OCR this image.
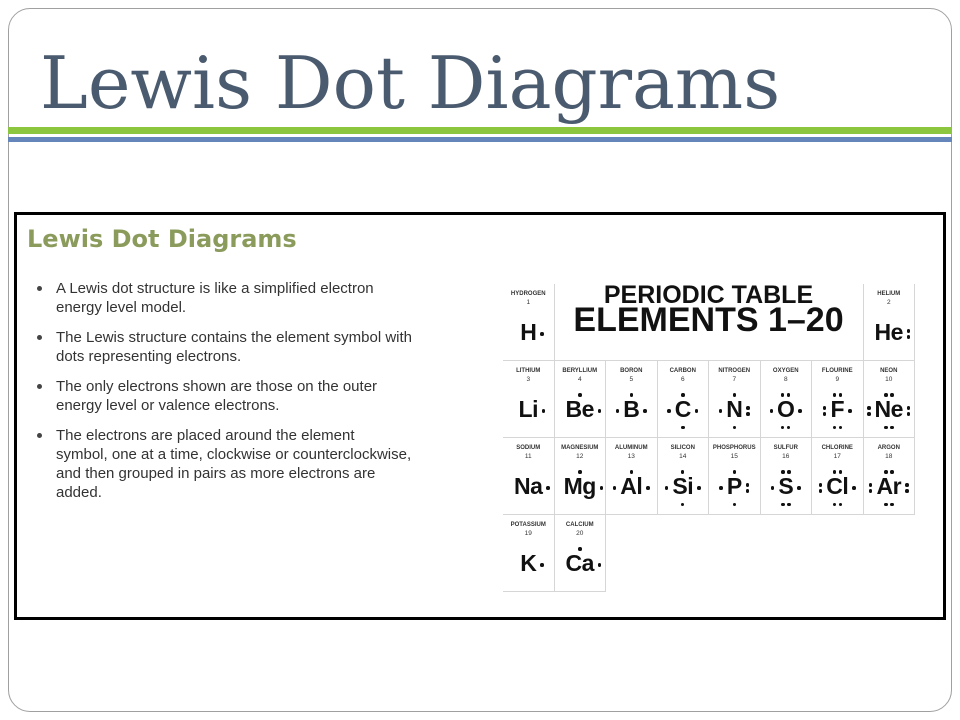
Lewis Dot Diagrams
Lewis Dot Diagrams
A Lewis dot structure is like a simplified electron
energy level model.
The Lewis structure contains the element symbol with
dots representing electrons.
The only electrons shown are those on the outer
energy level or valence electrons.
The electrons are placed around the element
symbol, one at a time, clockwise or counterclockwise,
and then grouped in pairs as more electrons are
added.
PERIODIC TABLE
ELEMENTS 1–20
HYDROGEN
1
H
HELIUM
2
He
LITHIUM
3
Li
BERYLLIUM
4
Be
BORON
5
B
CARBON
6
C
NITROGEN
7
N
OXYGEN
8
O
FLOURINE
9
F
NEON
10
Ne
SODIUM
11
Na
MAGNESIUM
12
Mg
ALUMINUM
13
Al
SILICON
14
Si
PHOSPHORUS
15
P
SULFUR
16
S
CHLORINE
17
Cl
ARGON
18
Ar
POTASSIUM
19
K
CALCIUM
20
Ca
